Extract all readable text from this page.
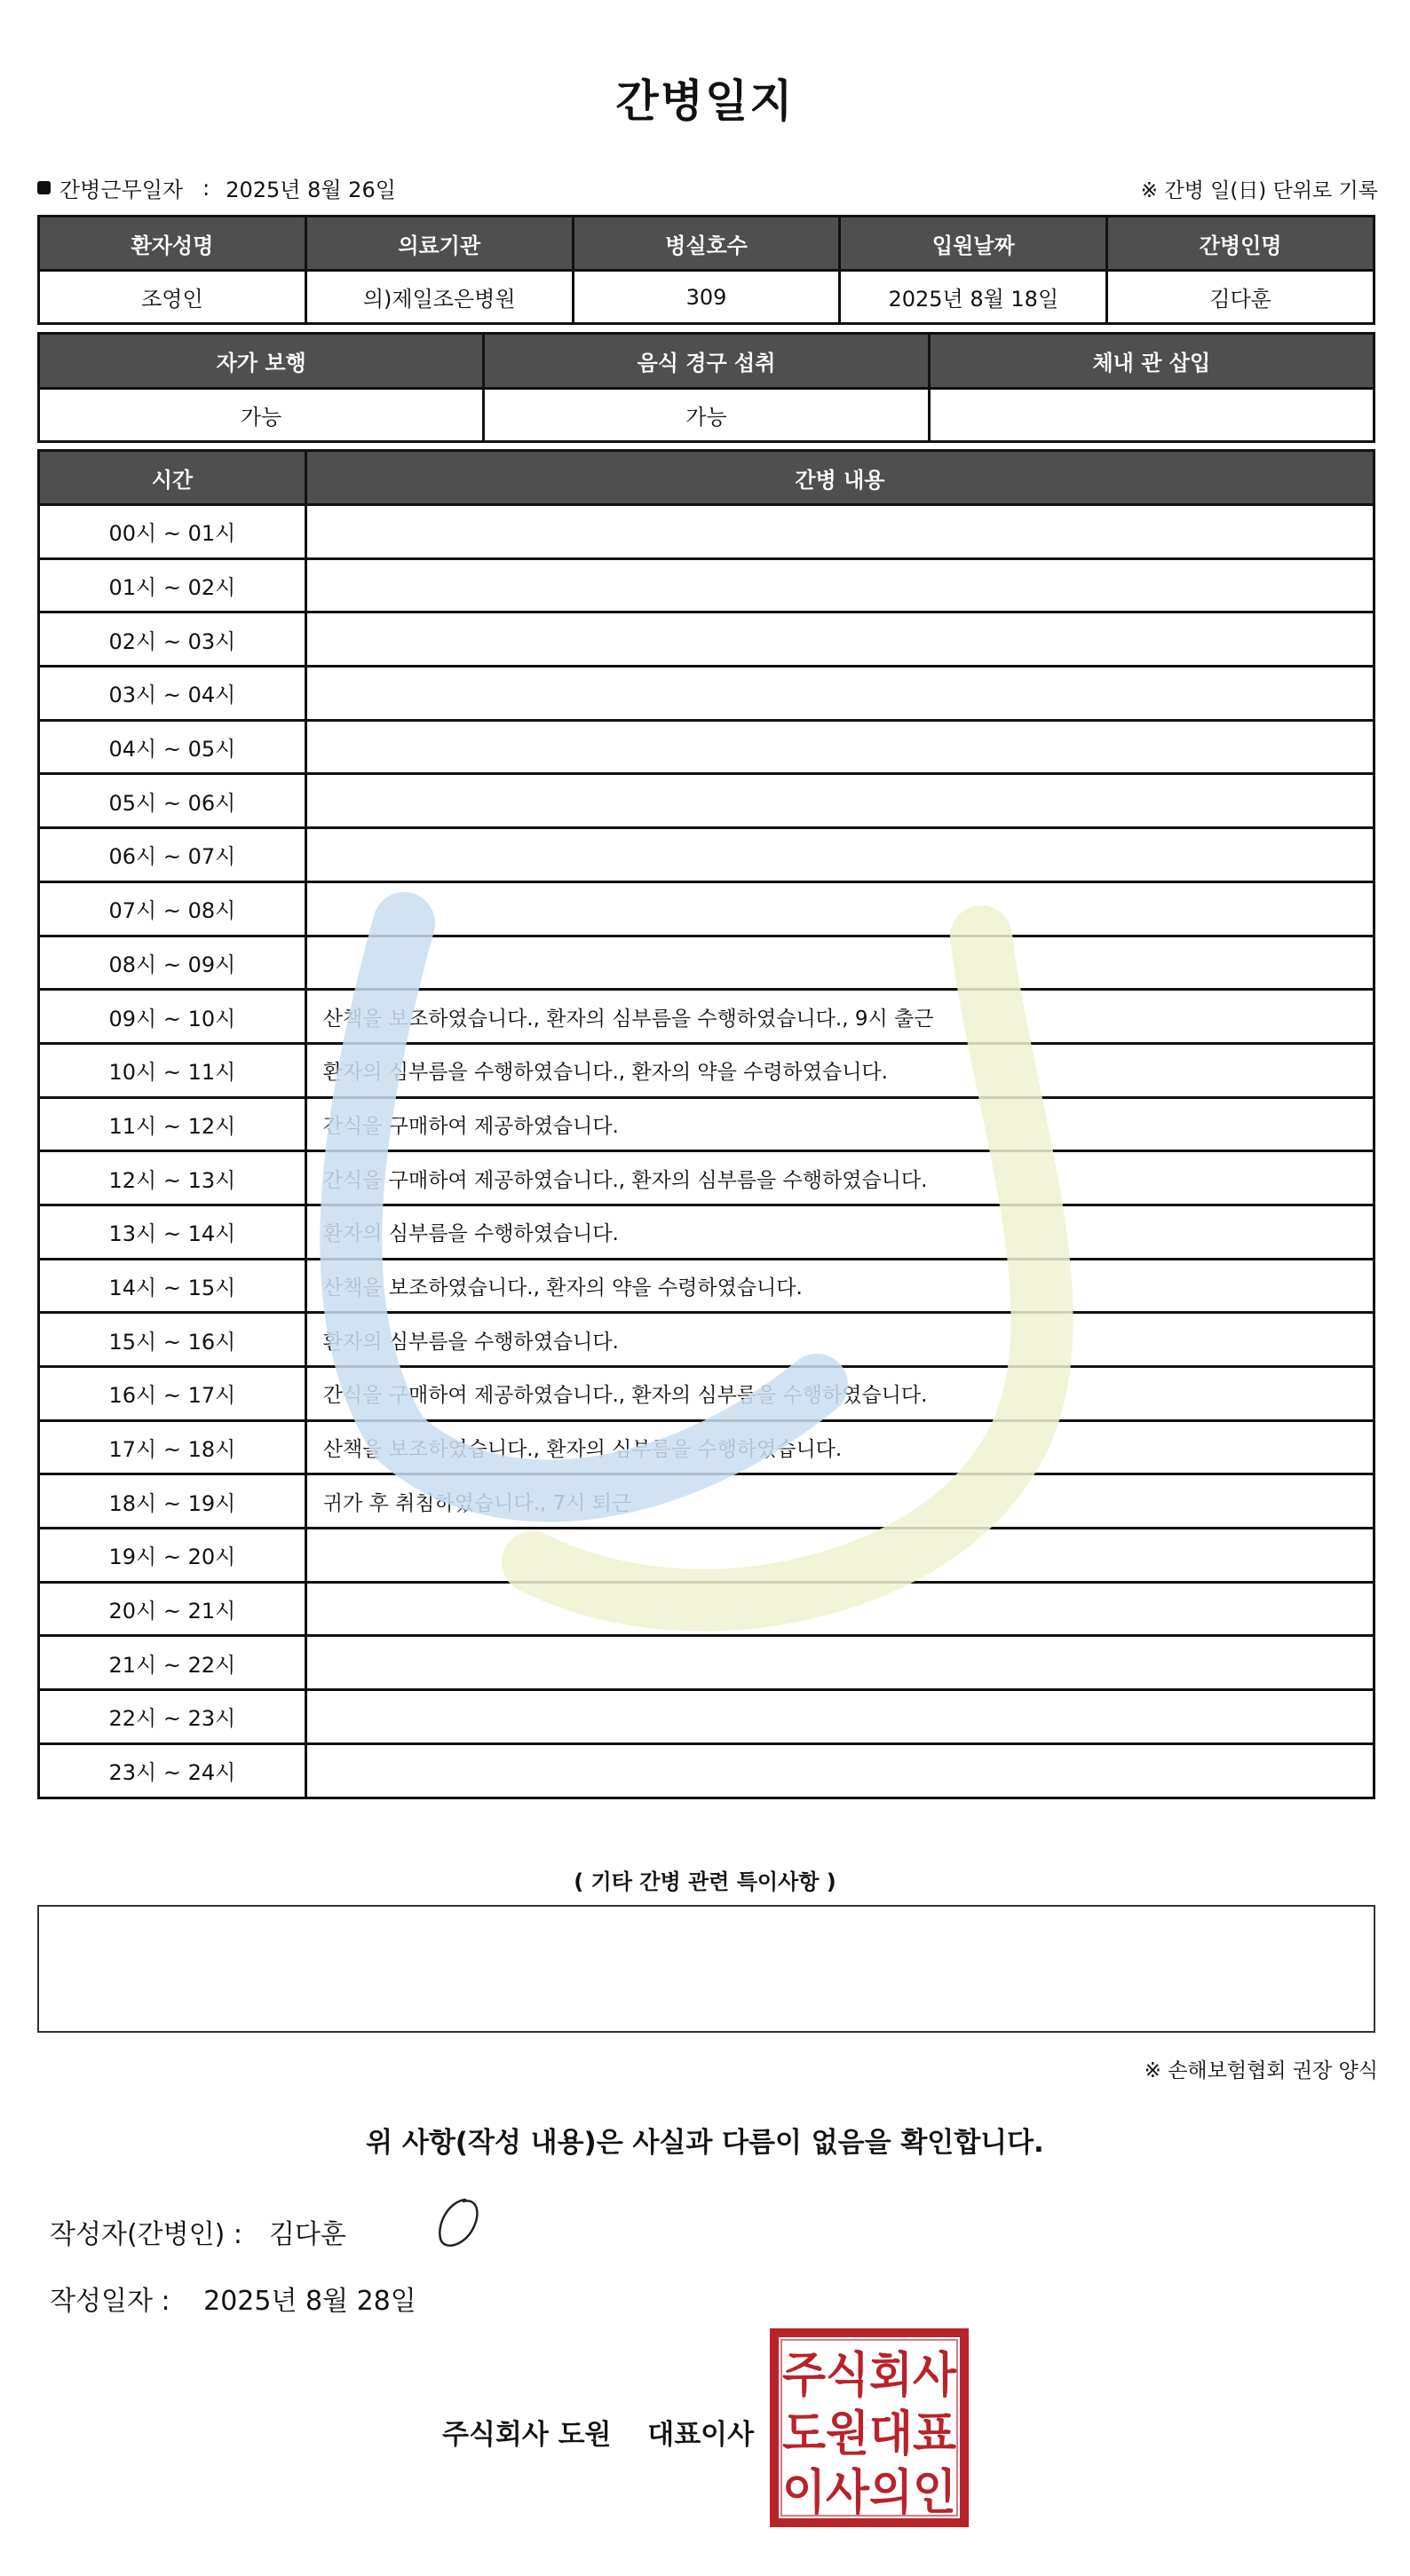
간병일지
간병근무일자 : 2025년 8월 26일	※ 간병 일(日) 단위로 기록
환자성명	의료기관	병실호수	입원날짜	간병인명
조영인	의)제일조은병원	309	2025년 8월 18일	김다훈
자가 보행	음식 경구 섭취	체내 관 삽입
가능	가능	
시간	간병 내용
00시 ~ 01시	
01시 ~ 02시	
02시 ~ 03시	
03시 ~ 04시	
04시 ~ 05시	
05시 ~ 06시	
06시 ~ 07시	
07시 ~ 08시	
08시 ~ 09시	
09시 ~ 10시	산책을 보조하였습니다., 환자의 심부름을 수행하였습니다., 9시 출근
10시 ~ 11시	환자의 심부름을 수행하였습니다., 환자의 약을 수령하였습니다.
11시 ~ 12시	간식을 구매하여 제공하였습니다.
12시 ~ 13시	간식을 구매하여 제공하였습니다., 환자의 심부름을 수행하였습니다.
13시 ~ 14시	환자의 심부름을 수행하였습니다.
14시 ~ 15시	산책을 보조하였습니다., 환자의 약을 수령하였습니다.
15시 ~ 16시	환자의 심부름을 수행하였습니다.
16시 ~ 17시	간식을 구매하여 제공하였습니다., 환자의 심부름을 수행하였습니다.
17시 ~ 18시	산책을 보조하였습니다., 환자의 심부름을 수행하였습니다.
18시 ~ 19시	귀가 후 취침하였습니다., 7시 퇴근
19시 ~ 20시	
20시 ~ 21시	
21시 ~ 22시	
22시 ~ 23시	
23시 ~ 24시	
( 기타 간병 관련 특이사항 )
※ 손해보험협회 권장 양식
위 사항(작성 내용)은 사실과 다름이 없음을 확인합니다.
작성자(간병인) : 김다훈
작성일자 : 2025년 8월 28일
주식회사 도원 대표이사
주식회사
도원대표
이사의인
